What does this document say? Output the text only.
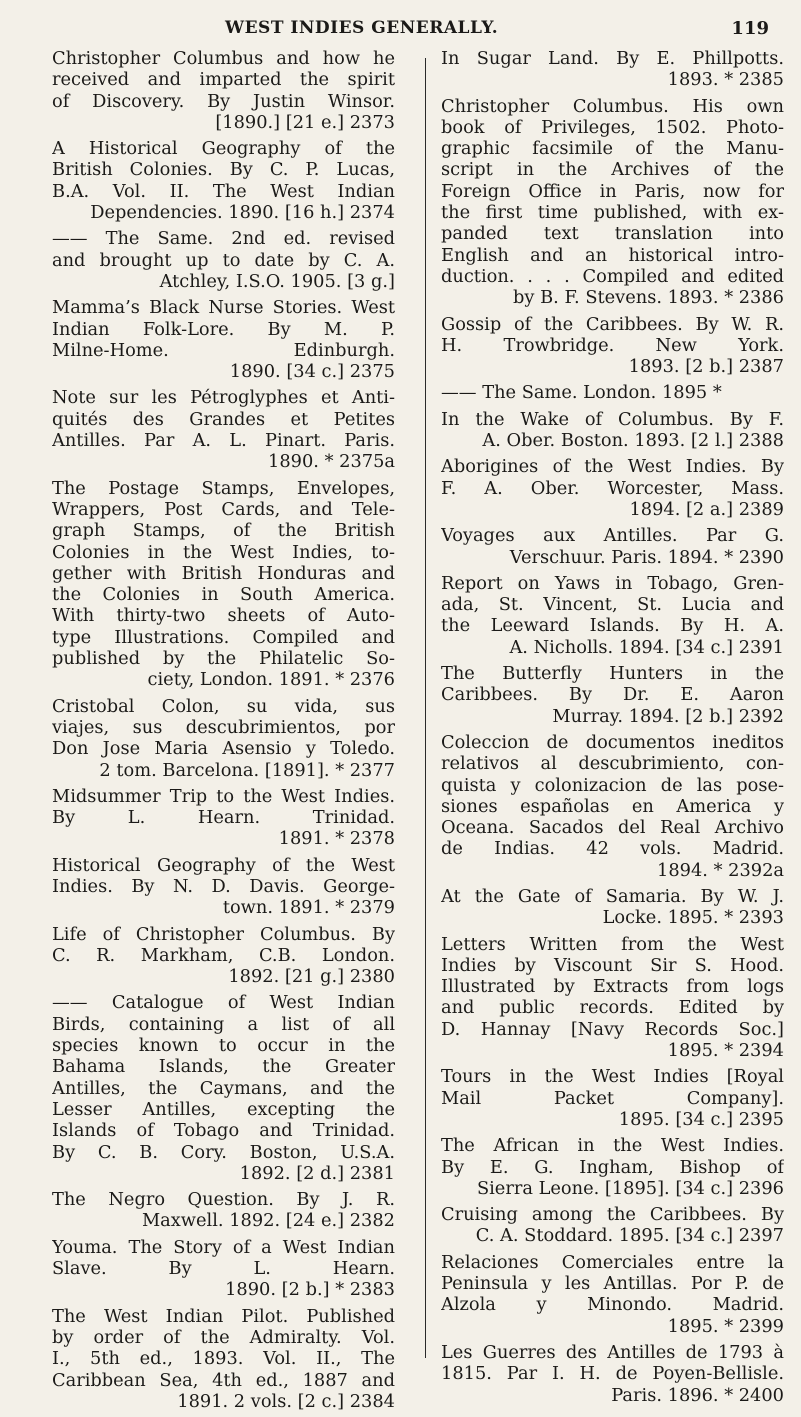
WEST INDIES GENERALLY.	119
Christopher Columbus and how he
received and imparted the spirit
of Discovery. By Justin Winsor.
[1890.] [21 e.] 2373
A Historical Geography of the
British Colonies. By C. P. Lucas,
B.A. Vol. II. The West Indian
Dependencies. 1890. [16 h.] 2374
—— The Same. 2nd ed. revised
and brought up to date by C. A.
Atchley, I.S.O. 1905. [3 g.]
Mamma’s Black Nurse Stories. West
Indian Folk-Lore. By M. P.
Milne-Home. Edinburgh.
1890. [34 c.] 2375
Note sur les Pétroglyphes et Anti-
quités des Grandes et Petites
Antilles. Par A. L. Pinart. Paris.
1890. * 2375a
The Postage Stamps, Envelopes,
Wrappers, Post Cards, and Tele-
graph Stamps, of the British
Colonies in the West Indies, to-
gether with British Honduras and
the Colonies in South America.
With thirty-two sheets of Auto-
type Illustrations. Compiled and
published by the Philatelic So-
ciety, London. 1891. * 2376
Cristobal Colon, su vida, sus
viajes, sus descubrimientos, por
Don Jose Maria Asensio y Toledo.
2 tom. Barcelona. [1891]. * 2377
Midsummer Trip to the West Indies.
By L. Hearn. Trinidad.
1891. * 2378
Historical Geography of the West
Indies. By N. D. Davis. George-
town. 1891. * 2379
Life of Christopher Columbus. By
C. R. Markham, C.B. London.
1892. [21 g.] 2380
—— Catalogue of West Indian
Birds, containing a list of all
species known to occur in the
Bahama Islands, the Greater
Antilles, the Caymans, and the
Lesser Antilles, excepting the
Islands of Tobago and Trinidad.
By C. B. Cory. Boston, U.S.A.
1892. [2 d.] 2381
The Negro Question. By J. R.
Maxwell. 1892. [24 e.] 2382
Youma. The Story of a West Indian
Slave. By L. Hearn.
1890. [2 b.] * 2383
The West Indian Pilot. Published
by order of the Admiralty. Vol.
I., 5th ed., 1893. Vol. II., The
Caribbean Sea, 4th ed., 1887 and
1891. 2 vols. [2 c.] 2384
In Sugar Land. By E. Phillpotts.
1893. * 2385
Christopher Columbus. His own
book of Privileges, 1502. Photo-
graphic facsimile of the Manu-
script in the Archives of the
Foreign Office in Paris, now for
the first time published, with ex-
panded text translation into
English and an historical intro-
duction. . . . Compiled and edited
by B. F. Stevens. 1893. * 2386
Gossip of the Caribbees. By W. R.
H. Trowbridge. New York.
1893. [2 b.] 2387
—— The Same. London. 1895 *
In the Wake of Columbus. By F.
A. Ober. Boston. 1893. [2 l.] 2388
Aborigines of the West Indies. By
F. A. Ober. Worcester, Mass.
1894. [2 a.] 2389
Voyages aux Antilles. Par G.
Verschuur. Paris. 1894. * 2390
Report on Yaws in Tobago, Gren-
ada, St. Vincent, St. Lucia and
the Leeward Islands. By H. A.
A. Nicholls. 1894. [34 c.] 2391
The Butterfly Hunters in the
Caribbees. By Dr. E. Aaron
Murray. 1894. [2 b.] 2392
Coleccion de documentos ineditos
relativos al descubrimiento, con-
quista y colonizacion de las pose-
siones españolas en America y
Oceana. Sacados del Real Archivo
de Indias. 42 vols. Madrid.
1894. * 2392a
At the Gate of Samaria. By W. J.
Locke. 1895. * 2393
Letters Written from the West
Indies by Viscount Sir S. Hood.
Illustrated by Extracts from logs
and public records. Edited by
D. Hannay [Navy Records Soc.]
1895. * 2394
Tours in the West Indies [Royal
Mail Packet Company].
1895. [34 c.] 2395
The African in the West Indies.
By E. G. Ingham, Bishop of
Sierra Leone. [1895]. [34 c.] 2396
Cruising among the Caribbees. By
C. A. Stoddard. 1895. [34 c.] 2397
Relaciones Comerciales entre la
Peninsula y les Antillas. Por P. de
Alzola y Minondo. Madrid.
1895. * 2399
Les Guerres des Antilles de 1793 à
1815. Par I. H. de Poyen-Bellisle.
Paris. 1896. * 2400
